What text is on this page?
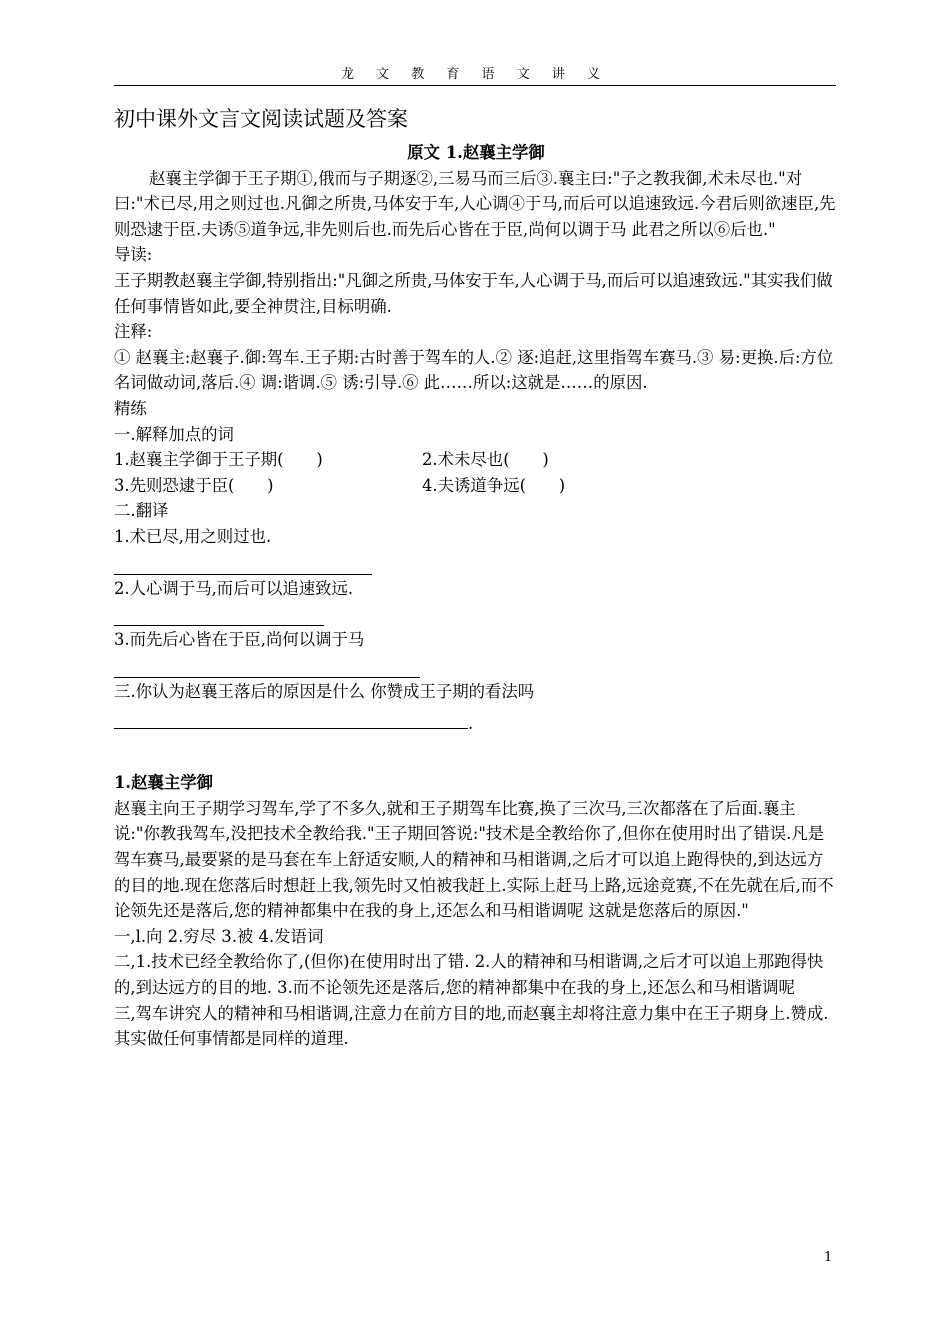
龙 文 教 育 语 文 讲 义
初中课外文言文阅读试题及答案

原文 1.赵襄主学御

赵襄主学御于王子期①,俄而与子期逐②,三易马而三后③.襄主曰:"子之教我御,术未尽也."对曰:"术已尽,用之则过也.凡御之所贵,马体安于车,人心调④于马,而后可以追速致远.今君后则欲速臣,先则恐逮于臣.夫诱⑤道争远,非先则后也.而先后心皆在于臣,尚何以调于马 此君之所以⑥后也."

导读:

王子期教赵襄主学御,特别指出:"凡御之所贵,马体安于车,人心调于马,而后可以追速致远."其实我们做任何事情皆如此,要全神贯注,目标明确.

注释:

① 赵襄主:赵襄子.御:驾车.王子期:古时善于驾车的人.② 逐:追赶,这里指驾车赛马.③ 易:更换.后:方位名词做动词,落后.④ 调:谐调.⑤ 诱:引导.⑥ 此……所以:这就是……的原因.

精练

一.解释加点的词

1.赵襄主学御于王子期(　　)	2.术未尽也(　　)
3.先则恐逮于臣(　　)	4.夫诱道争远(　　)

二.翻译

1.术已尽,用之则过也.

2.人心调于马,而后可以追速致远.

3.而先后心皆在于臣,尚何以调于马

三.你认为赵襄王落后的原因是什么 你赞成王子期的看法吗

.

1.赵襄主学御

赵襄主向王子期学习驾车,学了不多久,就和王子期驾车比赛,换了三次马,三次都落在了后面.襄主说:"你教我驾车,没把技术全教给我."王子期回答说:"技术是全教给你了,但你在使用时出了错误.凡是驾车赛马,最要紧的是马套在车上舒适安顺,人的精神和马相谐调,之后才可以追上跑得快的,到达远方的目的地.现在您落后时想赶上我,领先时又怕被我赶上.实际上赶马上路,远途竞赛,不在先就在后,而不论领先还是落后,您的精神都集中在我的身上,还怎么和马相谐调呢 这就是您落后的原因."

一,l.向 2.穷尽 3.被 4.发语词

二,1.技术已经全教给你了,(但你)在使用时出了错. 2.人的精神和马相谐调,之后才可以追上那跑得快的,到达远方的目的地. 3.而不论领先还是落后,您的精神都集中在我的身上,还怎么和马相谐调呢

三,驾车讲究人的精神和马相谐调,注意力在前方目的地,而赵襄主却将注意力集中在王子期身上.赞成.其实做任何事情都是同样的道理.

1
